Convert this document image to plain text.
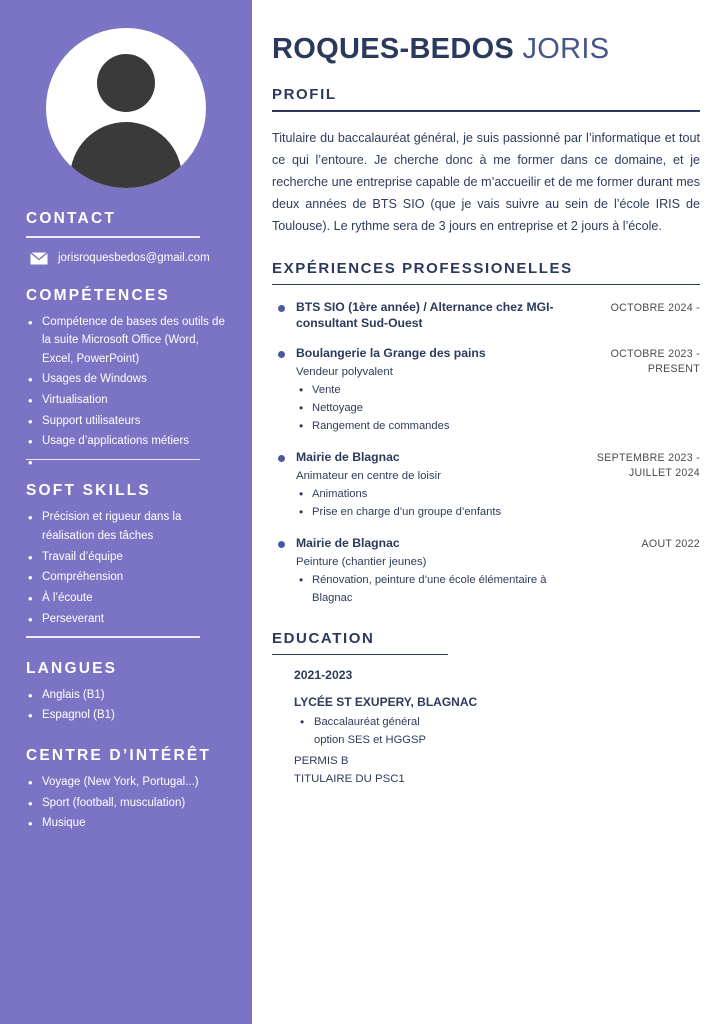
CONTACT
jorisroquesbedos@gmail.com
COMPÉTENCES
• Compétence de bases des outils de la suite Microsoft Office (Word, Excel, PowerPoint)
• Usages de Windows
• Virtualisation
• Support utilisateurs
• Usage d’applications métiers
SOFT SKILLS
• Précision et rigueur dans la réalisation des tâches
• Travail d’équipe
• Compréhension
• À l’écoute
• Perseverant
LANGUES
• Anglais (B1)
• Espagnol (B1)
CENTRE D’INTÉRÊT
• Voyage (New York, Portugal...)
• Sport (football, musculation)
• Musique
ROQUES-BEDOS JORIS
PROFIL

Titulaire du baccalauréat général, je suis passionné par l’informatique et tout ce qui l’entoure. Je cherche donc à me former dans ce domaine, et je recherche une entreprise capable de m’accueilir et de me former durant mes deux années de BTS SIO (que je vais suivre au sein de l’école IRIS de Toulouse). Le rythme sera de 3 jours en entreprise et 2 jours à l’école.

EXPÉRIENCES PROFESSIONELLES
BTS SIO (1ère année) / Alternance chez MGI-consultant Sud-Ouest
OCTOBRE 2024 -
Boulangerie la Grange des pains
Vendeur polyvalent
• Vente
• Nettoyage
• Rangement de commandes
OCTOBRE 2023 - PRESENT
Mairie de Blagnac
Animateur en centre de loisir
• Animations
• Prise en charge d’un groupe d’enfants
SEPTEMBRE 2023 - JUILLET 2024
Mairie de Blagnac
Peinture (chantier jeunes)
• Rénovation, peinture d’une école élémentaire à Blagnac
AOUT 2022
EDUCATION
2021-2023
LYCÉE ST EXUPERY, BLAGNAC
• Baccalauréat général
option SES et HGGSP
PERMIS B
TITULAIRE DU PSC1
